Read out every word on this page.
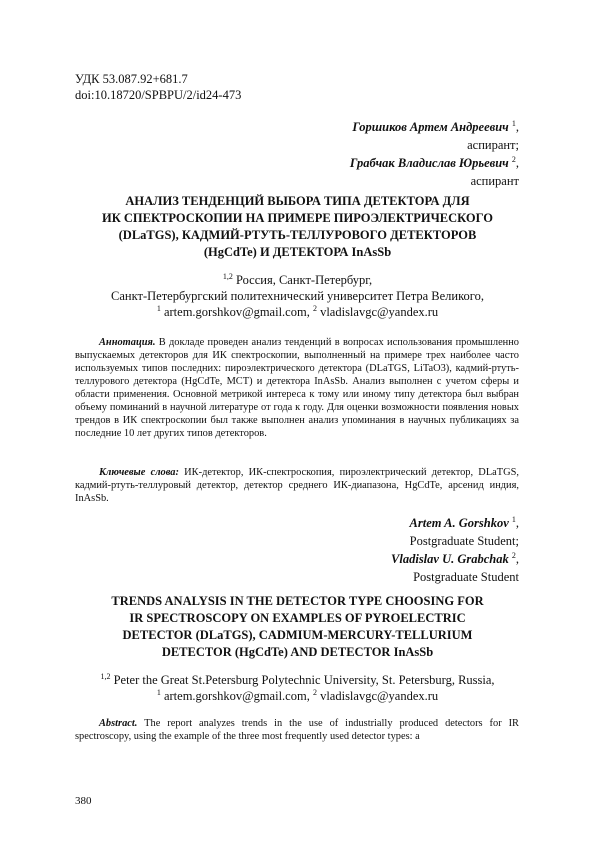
УДК 53.087.92+681.7
doi:10.18720/SPBPU/2/id24-473
Горшиков Артем Андреевич $^1$,
аспирант;
Грабчак Владислав Юрьевич $^2$,
аспирант
АНАЛИЗ ТЕНДЕНЦИЙ ВЫБОРА ТИПА ДЕТЕКТОРА ДЛЯ
ИК СПЕКТРОСКОПИИ НА ПРИМЕРЕ ПИРОЭЛЕКТРИЧЕСКОГО
(DLaTGS), КАДМИЙ-РТУТЬ-ТЕЛЛУРОВОГО ДЕТЕКТОРОВ
(HgCdTe) И ДЕТЕКТОРА InAsSb
$^{1,2}$ Россия, Санкт-Петербург,
Санкт-Петербургский политехнический университет Петра Великого,
$^1$ artem.gorshkov@gmail.com, $^2$ vladislavgc@yandex.ru
Аннотация. В докладе проведен анализ тенденций в вопросах использования промышленно выпускаемых детекторов для ИК спектроскопии, выполненный на примере трех наиболее часто используемых типов последних: пироэлектрического детектора (DLaTGS, LiTaO3), кадмий-ртуть-теллурового детектора (HgCdTe, MCT) и детектора InAsSb. Анализ выполнен с учетом сферы и области применения. Основной метрикой интереса к тому или иному типу детектора был выбран объему поминаний в научной литературе от года к году. Для оценки возможности появления новых трендов в ИК спектроскопии был также выполнен анализ упоминания в научных публикациях за последние 10 лет других типов детекторов.
Ключевые слова: ИК-детектор, ИК-спектроскопия, пироэлектрический детектор, DLaTGS, кадмий-ртуть-теллуровый детектор, детектор среднего ИК-диапазона, HgCdTe, арсенид индия, InAsSb.
Artem A. Gorshkov $^1$,
Postgraduate Student;
Vladislav U. Grabchak $^2$,
Postgraduate Student
TRENDS ANALYSIS IN THE DETECTOR TYPE CHOOSING FOR
IR SPECTROSCOPY ON EXAMPLES OF PYROELECTRIC
DETECTOR (DLaTGS), CADMIUM-MERCURY-TELLURIUM
DETECTOR (HgCdTe) AND DETECTOR InAsSb
$^{1,2}$ Peter the Great St.Petersburg Polytechnic University, St. Petersburg, Russia,
$^1$ artem.gorshkov@gmail.com, $^2$ vladislavgc@yandex.ru
Abstract. The report analyzes trends in the use of industrially produced detectors for IR spectroscopy, using the example of the three most frequently used detector types: a
380
